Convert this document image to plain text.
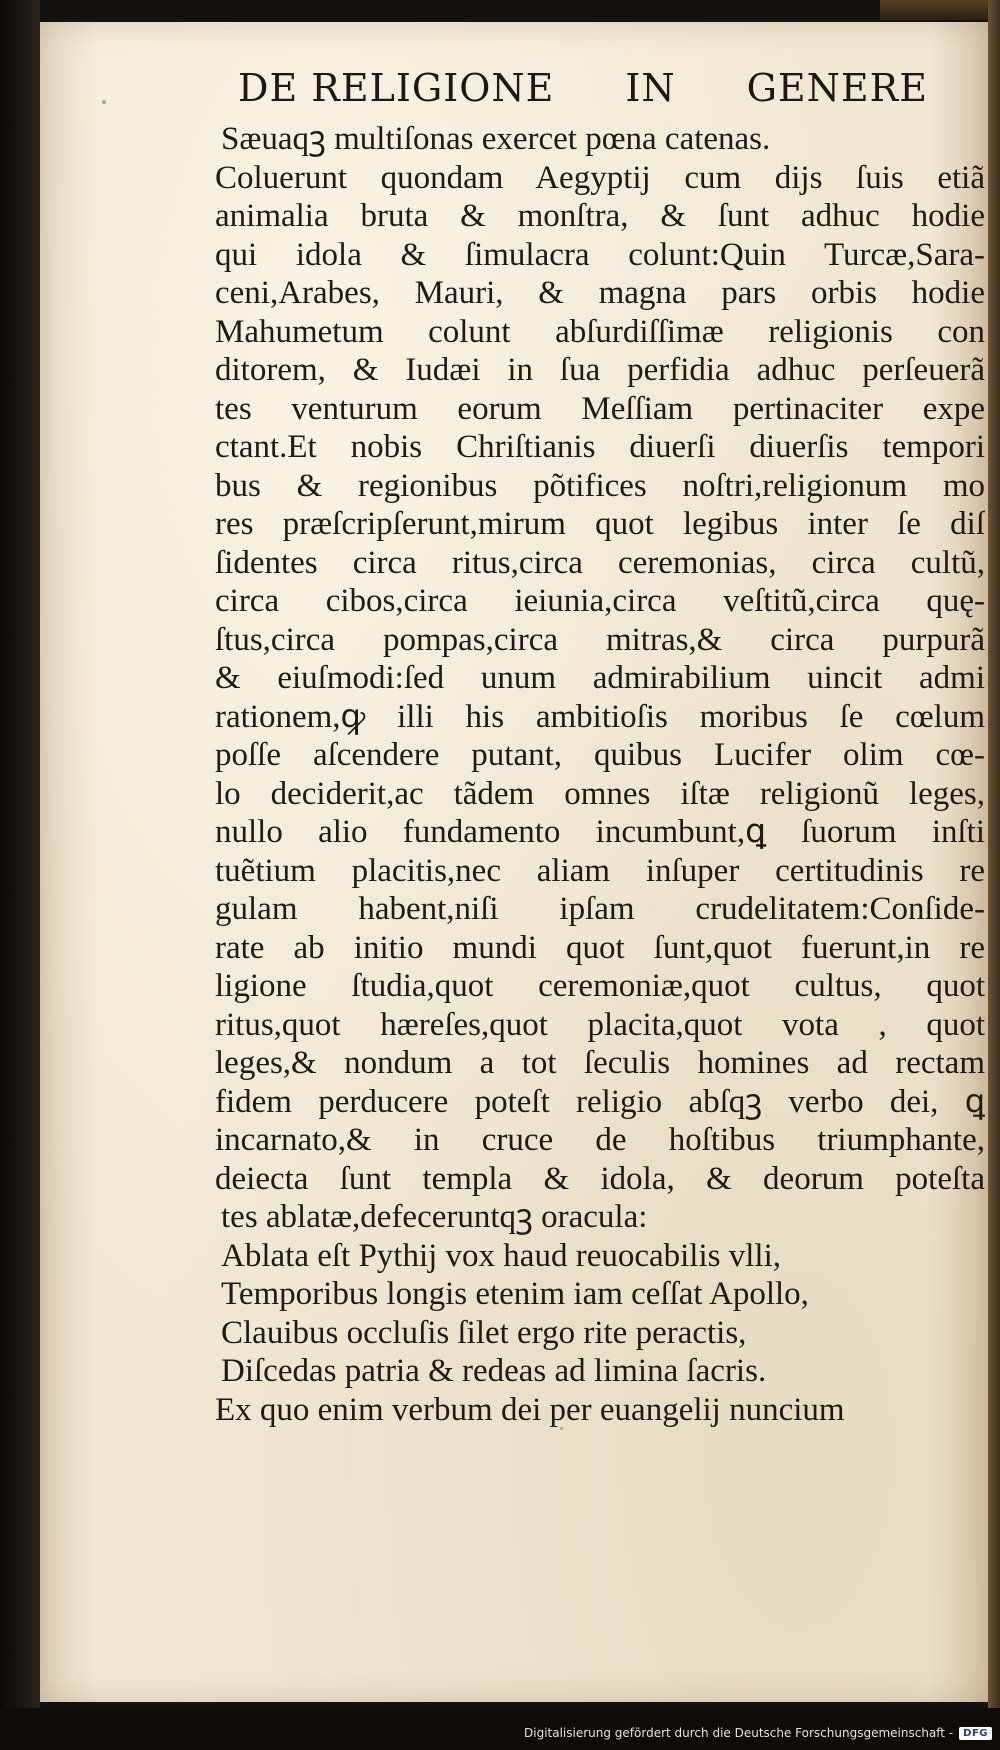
DE RELIGIONE IN GENERE
Sæuaqꝫ multiſonas exercet pœna catenas.
Coluerunt quondam Aegyptij cum dijs ſuis etiã
animalia bruta & monſtra, & ſunt adhuc hodie
qui idola & ſimulacra colunt:Quin Turcæ,Sara-
ceni,Arabes, Mauri, & magna pars orbis hodie
Mahumetum colunt abſurdiſſimæ religionis con
ditorem, & Iudæi in ſua perfidia adhuc perſeuerã
tes venturum eorum Meſſiam pertinaciter expe
ctant.Et nobis Chriſtianis diuerſi diuerſis tempori
bus & regionibus põtifices noſtri,religionum mo
res præſcripſerunt,mirum quot legibus inter ſe diſ
ſidentes circa ritus,circa ceremonias, circa cultũ,
circa cibos,circa ieiunia,circa veſtitũ,circa quę-
ſtus,circa pompas,circa mitras,& circa purpurã
& eiuſmodi:ſed unum admirabilium uincit admi
rationem,ꝙ illi his ambitioſis moribus ſe cœlum
poſſe aſcendere putant, quibus Lucifer olim cœ-
lo deciderit,ac tãdem omnes iſtæ religionũ leges,
nullo alio fundamento incumbunt,ꝗ ſuorum inſti
tuẽtium placitis,nec aliam inſuper certitudinis re
gulam habent,niſi ipſam crudelitatem:Conſide-
rate ab initio mundi quot ſunt,quot fuerunt,in re
ligione ſtudia,quot ceremoniæ,quot cultus, quot
ritus,quot hæreſes,quot placita,quot vota , quot
leges,& nondum a tot ſeculis homines ad rectam
fidem perducere poteſt religio abſqꝫ verbo dei, ꝗ
incarnato,& in cruce de hoſtibus triumphante,
deiecta ſunt templa & idola, & deorum poteſta
tes ablatæ,defeceruntqꝫ oracula:
Ablata eſt Pythij vox haud reuocabilis vlli,
Temporibus longis etenim iam ceſſat Apollo,
Clauibus occluſis ſilet ergo rite peractis,
Diſcedas patria & redeas ad limina ſacris.
Ex quo enim verbum dei per euangelij nuncium
Digitalisierung gefördert durch die Deutsche Forschungsgemeinschaft -	DFG
